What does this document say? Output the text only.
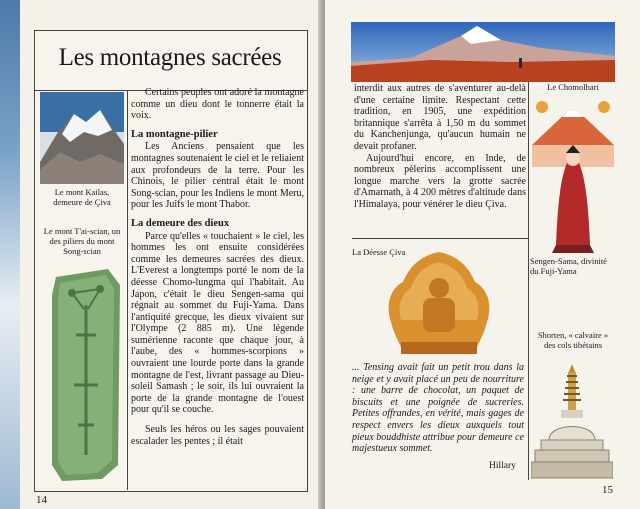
Les montagnes sacrées
Le mont Kailas, demeure de Çiva
Le mont T'ai-scian, un des piliers du mont Song-scian

Certains peuples ont adoré la montagne comme un dieu dont le tonnerre était la voix.

La montagne-pilier

Les Anciens pensaient que les montagnes soutenaient le ciel et le reliaient aux profondeurs de la terre. Pour les Chinois, le pilier central était le mont Song-scian, pour les Indiens le mont Meru, pour les Juifs le mont Thabor.

La demeure des dieux

Parce qu'elles « touchaient » le ciel, les hommes les ont ensuite considérées comme les demeures sacrées des dieux. L'Everest a longtemps porté le nom de la déesse Chomo-lungma qui l'habitait. Au Japon, c'était le dieu Sengen-sama qui régnait au sommet du Fuji-Yama. Dans l'antiquité grecque, les dieux vivaient sur l'Olympe (2 885 m). Une légende sumérienne raconte que chaque jour, à l'aube, des « hommes-scorpions » ouvraient une lourde porte dans la grande montagne de l'est, livrant passage au Dieu-soleil Samash ; le soir, ils lui ouvraient la porte de la grande montagne de l'ouest pour qu'il se couche.

Seuls les héros ou les sages pouvaient escalader les pentes ; il était

14

interdit aux autres de s'aventurer au-delà d'une certaine limite. Respectant cette tradition, en 1905, une expédition britannique s'arrêta à 1,50 m du sommet du Kanchenjunga, qu'aucun humain ne devait profaner.

Aujourd'hui encore, en Inde, de nombreux pèlerins accomplissent une longue marche vers la grotte sacrée d'Amarnath, à 4 200 mètres d'altitude dans l'Himalaya, pour vénérer le dieu Çiva.

La Déesse Çiva
... Tensing avait fait un petit trou dans la neige et y avait placé un peu de nourriture : une barre de chocolat, un paquet de biscuits et une poignée de sucreries. Petites offrandes, en vérité, mais gages de respect envers les dieux auxquels tout pieux bouddhiste attribue pour demeure ce majestueux sommet.
Hillary
Le Chomolhari
Sengen-Sama, divinité du Fuji-Yama
Shorten, « calvaire » des cols tibétains
15
